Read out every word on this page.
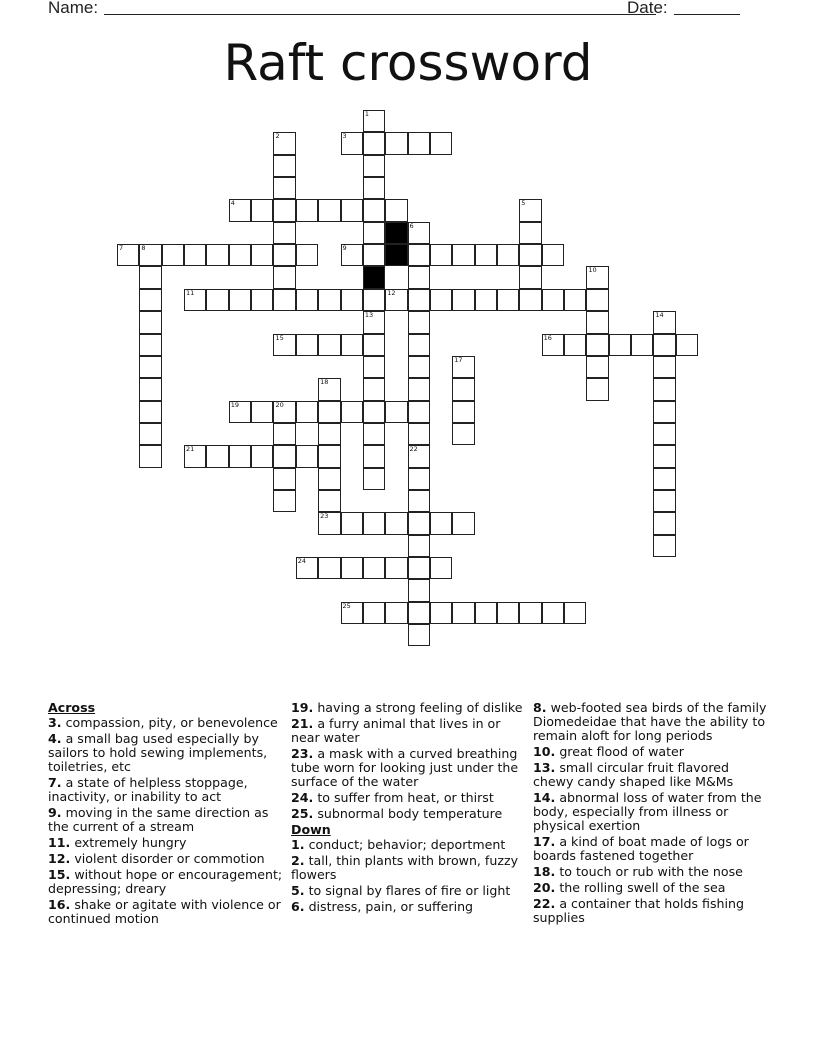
Name:	Date:
Raft crossword
1
13
2	3
4	5
6
7	8	9
10
11	12
14
15	16
17
18
23
19	20
21	22
24
25
Across
3. compassion, pity, or benevolence
4. a small bag used especially by sailors to hold sewing implements, toiletries, etc
7. a state of helpless stoppage, inactivity, or inability to act
9. moving in the same direction as the current of a stream
11. extremely hungry
12. violent disorder or commotion
15. without hope or encouragement; depressing; dreary
16. shake or agitate with violence or continued motion
19. having a strong feeling of dislike
21. a furry animal that lives in or near water
23. a mask with a curved breathing tube worn for looking just under the surface of the water
24. to suffer from heat, or thirst
25. subnormal body temperature
Down
1. conduct; behavior; deportment
2. tall, thin plants with brown, fuzzy flowers
5. to signal by flares of fire or light
6. distress, pain, or suffering
8. web-footed sea birds of the family Diomedeidae that have the ability to remain aloft for long periods
10. great flood of water
13. small circular fruit flavored chewy candy shaped like M&Ms
14. abnormal loss of water from the body, especially from illness or physical exertion
17. a kind of boat made of logs or boards fastened together
18. to touch or rub with the nose
20. the rolling swell of the sea
22. a container that holds fishing supplies
